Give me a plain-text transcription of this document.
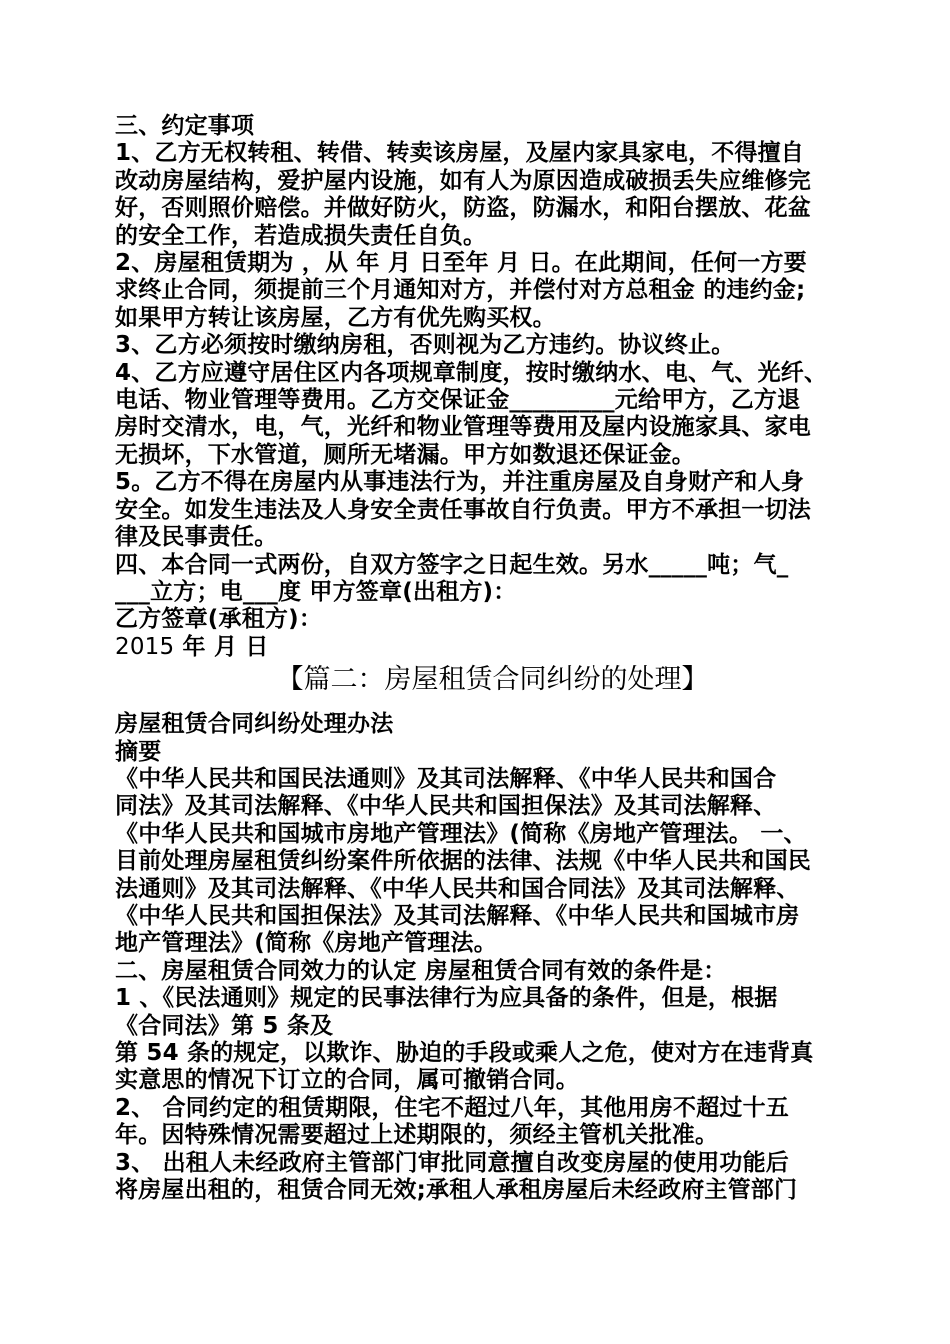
三、约定事项
1、乙方无权转租、转借、转卖该房屋，及屋内家具家电，不得擅自
改动房屋结构，爱护屋内设施，如有人为原因造成破损丢失应维修完
好，否则照价赔偿。并做好防火，防盗，防漏水，和阳台摆放、花盆
的安全工作，若造成损失责任自负。
2、房屋租赁期为 ，从 年 月 日至年 月 日。在此期间，任何一方要
求终止合同，须提前三个月通知对方，并偿付对方总租金 的违约金;
如果甲方转让该房屋，乙方有优先购买权。
3、乙方必须按时缴纳房租，否则视为乙方违约。协议终止。
4、乙方应遵守居住区内各项规章制度，按时缴纳水、电、气、光纤、
电话、物业管理等费用。乙方交保证金_________元给甲方，乙方退
房时交清水，电，气，光纤和物业管理等费用及屋内设施家具、家电
无损坏，下水管道，厕所无堵漏。甲方如数退还保证金。
5。乙方不得在房屋内从事违法行为，并注重房屋及自身财产和人身
安全。如发生违法及人身安全责任事故自行负责。甲方不承担一切法
律及民事责任。
四、本合同一式两份，自双方签字之日起生效。另水_____吨；气_
___立方；电___度 甲方签章(出租方)：
乙方签章(承租方)：
2015 年 月 日
【篇二：房屋租赁合同纠纷的处理】
房屋租赁合同纠纷处理办法
摘要
《中华人民共和国民法通则》及其司法解释、《中华人民共和国合
同法》及其司法解释、《中华人民共和国担保法》及其司法解释、
《中华人民共和国城市房地产管理法》(简称《房地产管理法。 一、
目前处理房屋租赁纠纷案件所依据的法律、法规《中华人民共和国民
法通则》及其司法解释、《中华人民共和国合同法》及其司法解释、
《中华人民共和国担保法》及其司法解释、《中华人民共和国城市房
地产管理法》(简称《房地产管理法。
二、房屋租赁合同效力的认定 房屋租赁合同有效的条件是：
1 、《民法通则》规定的民事法律行为应具备的条件，但是，根据
《合同法》第 5 条及
第 54 条的规定，以欺诈、胁迫的手段或乘人之危，使对方在违背真
实意思的情况下订立的合同，属可撤销合同。
2、 合同约定的租赁期限，住宅不超过八年，其他用房不超过十五
年。因特殊情况需要超过上述期限的，须经主管机关批准。
3、 出租人未经政府主管部门审批同意擅自改变房屋的使用功能后
将房屋出租的，租赁合同无效;承租人承租房屋后未经政府主管部门
